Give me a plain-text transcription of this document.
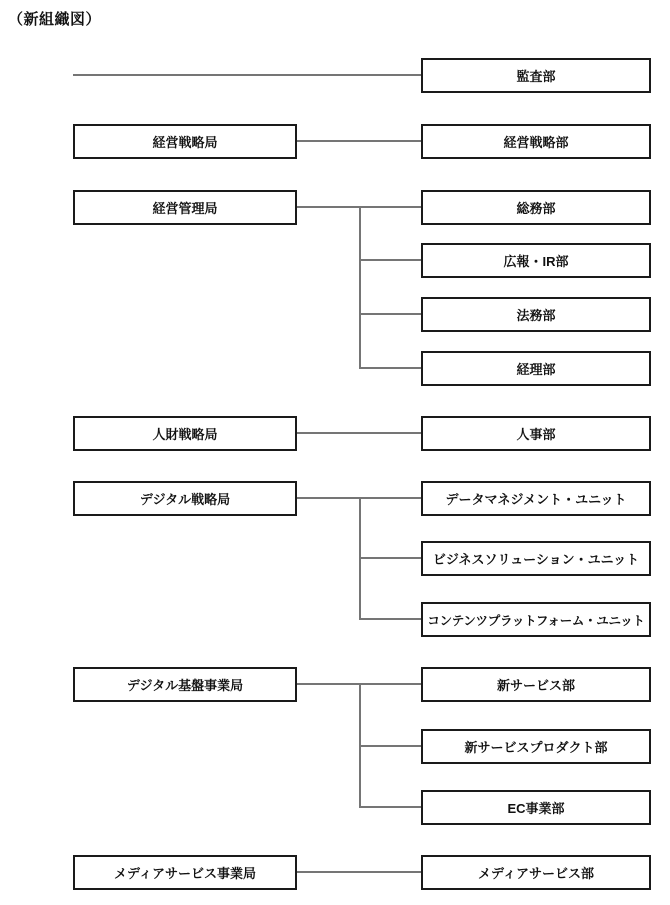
（新組織図）
経営戦略局
経営管理局
人財戦略局
デジタル戦略局
デジタル基盤事業局
メディアサービス事業局
監査部
経営戦略部
総務部
広報・IR部
法務部
経理部
人事部
データマネジメント・ユニット
ビジネスソリューション・ユニット
コンテンツプラットフォーム・ユニット
新サービス部
新サービスプロダクト部
EC事業部
メディアサービス部
